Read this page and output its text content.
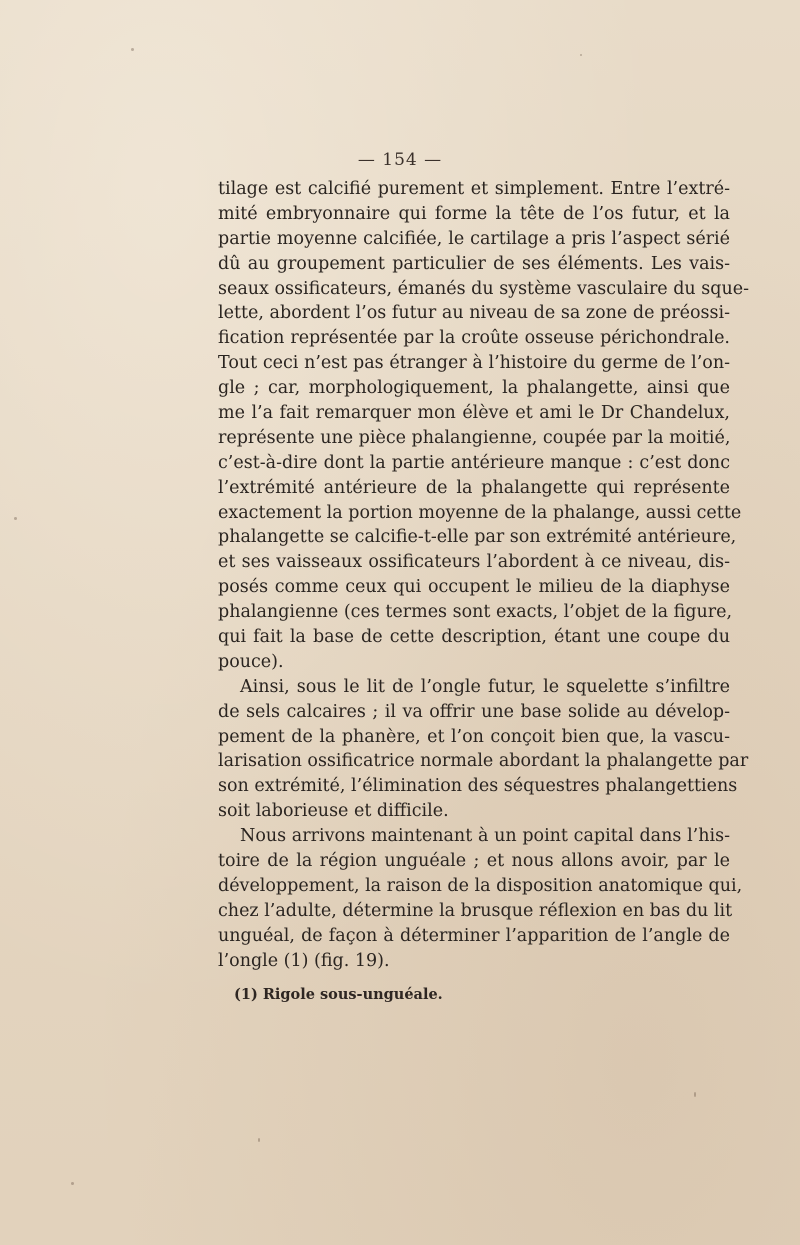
— 154 —
tilage est calcifié purement et simplement. Entre l’extré-
mité embryonnaire qui forme la tête de l’os futur, et la
partie moyenne calcifiée, le cartilage a pris l’aspect sérié
dû au groupement particulier de ses éléments. Les vais-
seaux ossificateurs, émanés du système vasculaire du sque-
lette, abordent l’os futur au niveau de sa zone de préossi-
fication représentée par la croûte osseuse périchondrale.
Tout ceci n’est pas étranger à l’histoire du germe de l’on-
gle ; car, morphologiquement, la phalangette, ainsi que
me l’a fait remarquer mon élève et ami le Dr Chandelux,
représente une pièce phalangienne, coupée par la moitié,
c’est-à-dire dont la partie antérieure manque : c’est donc
l’extrémité antérieure de la phalangette qui représente
exactement la portion moyenne de la phalange, aussi cette
phalangette se calcifie-t-elle par son extrémité antérieure,
et ses vaisseaux ossificateurs l’abordent à ce niveau, dis-
posés comme ceux qui occupent le milieu de la diaphyse
phalangienne (ces termes sont exacts, l’objet de la figure,
qui fait la base de cette description, étant une coupe du
pouce).
Ainsi, sous le lit de l’ongle futur, le squelette s’infiltre
de sels calcaires ; il va offrir une base solide au dévelop-
pement de la phanère, et l’on conçoit bien que, la vascu-
larisation ossificatrice normale abordant la phalangette par
son extrémité, l’élimination des séquestres phalangettiens
soit laborieuse et difficile.
Nous arrivons maintenant à un point capital dans l’his-
toire de la région unguéale ; et nous allons avoir, par le
développement, la raison de la disposition anatomique qui,
chez l’adulte, détermine la brusque réflexion en bas du lit
unguéal, de façon à déterminer l’apparition de l’angle de
l’ongle (1) (fig. 19).
(1) Rigole sous-unguéale.
